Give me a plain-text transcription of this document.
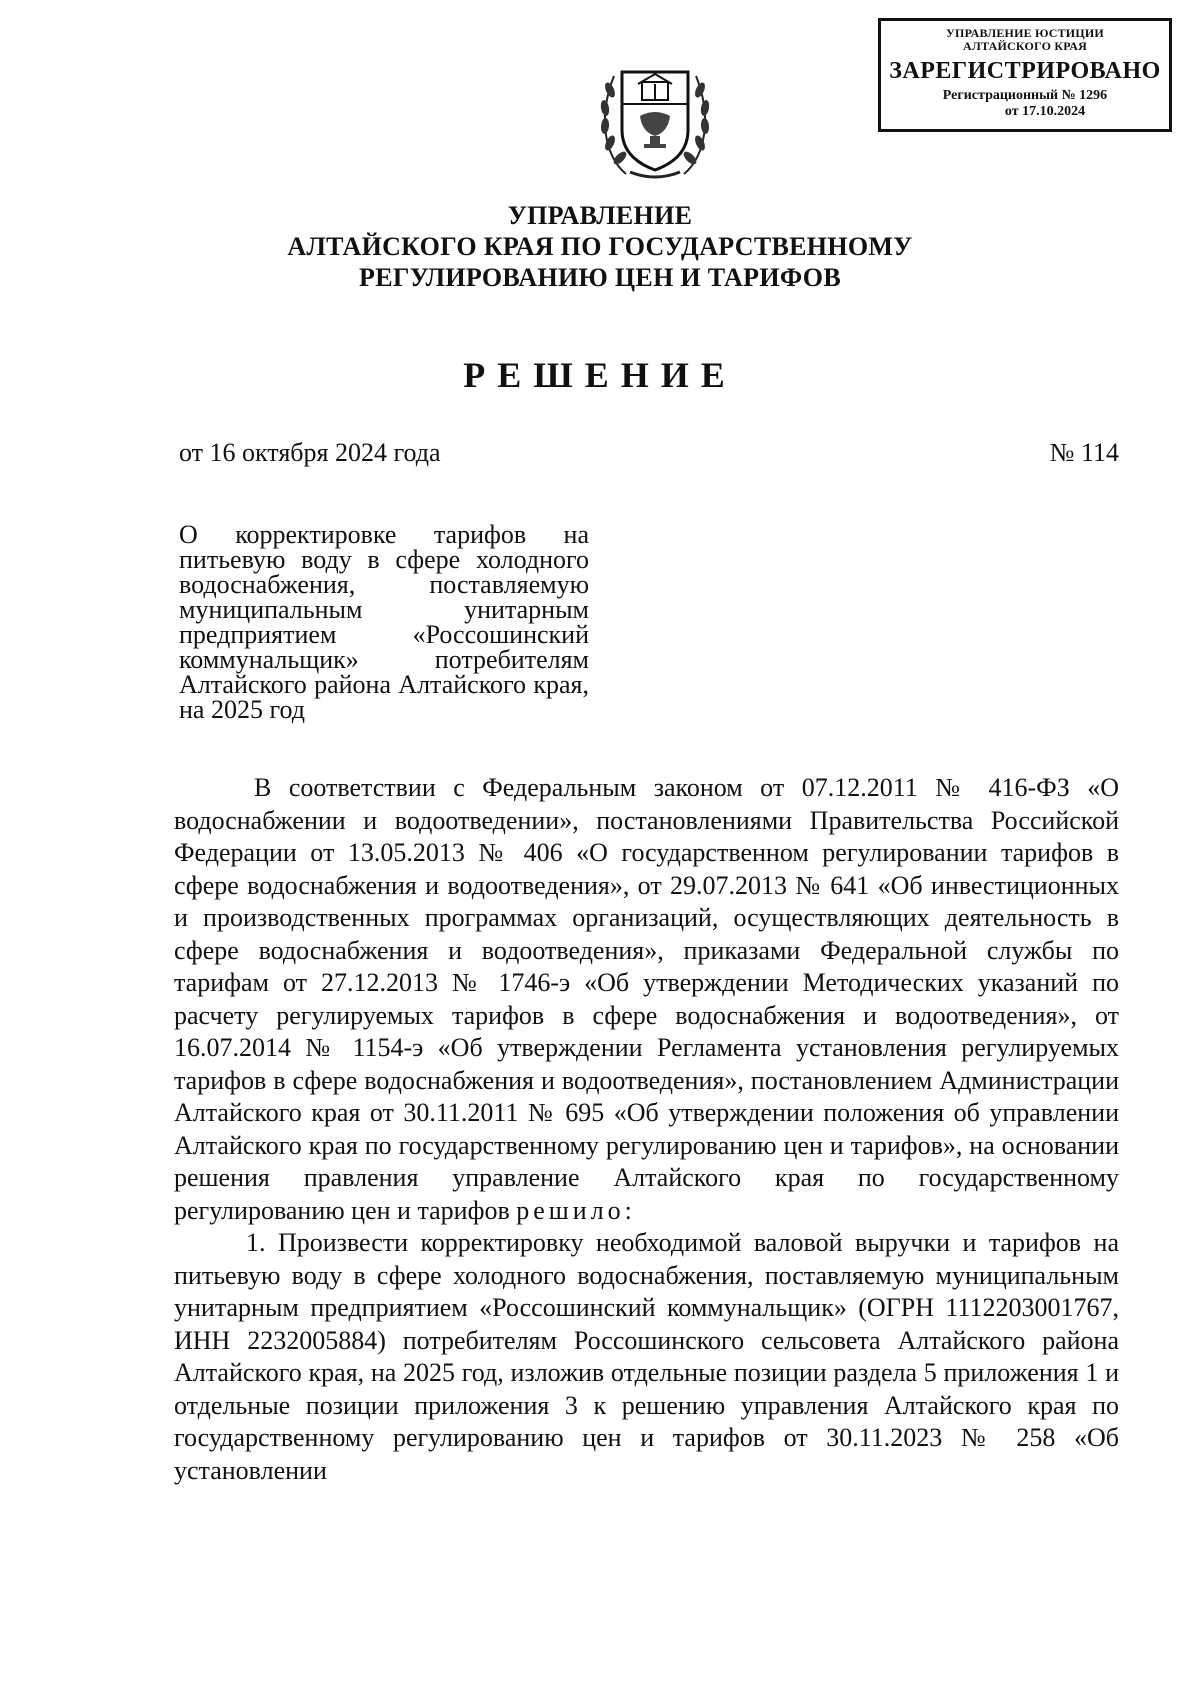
УПРАВЛЕНИЕ ЮСТИЦИИ
АЛТАЙСКОГО КРАЯ
ЗАРЕГИСТРИРОВАНО
Регистрационный № 1296
от 17.10.2024
УПРАВЛЕНИЕ
АЛТАЙСКОГО КРАЯ ПО ГОСУДАРСТВЕННОМУ
РЕГУЛИРОВАНИЮ ЦЕН И ТАРИФОВ
РЕШЕНИЕ
от 16 октября 2024 года	№ 114
О корректировке тарифов на питьевую воду в сфере холодного водоснабжения, поставляемую муниципальным унитарным предприятием «Россошинский коммунальщик» потребителям Алтайского района Алтайского края, на 2025 год

В соответствии с Федеральным законом от 07.12.2011 № 416-ФЗ «О водоснабжении и водоотведении», постановлениями Правительства Российской Федерации от 13.05.2013 № 406 «О государственном регулировании тарифов в сфере водоснабжения и водоотведения», от 29.07.2013 № 641 «Об инвестиционных и производственных программах организаций, осуществляющих деятельность в сфере водоснабжения и водоотведения», приказами Федеральной службы по тарифам от 27.12.2013 № 1746-э «Об утверждении Методических указаний по расчету регулируемых тарифов в сфере водоснабжения и водоотведения», от 16.07.2014 № 1154-э «Об утверждении Регламента установления регулируемых тарифов в сфере водоснабжения и водоотведения», постановлением Администрации Алтайского края от 30.11.2011 № 695 «Об утверждении положения об управлении Алтайского края по государственному регулированию цен и тарифов», на основании решения правления управление Алтайского края по государственному регулированию цен и тарифов решило:

1. Произвести корректировку необходимой валовой выручки и тарифов на питьевую воду в сфере холодного водоснабжения, поставляемую муниципальным унитарным предприятием «Россошинский коммунальщик» (ОГРН 1112203001767, ИНН 2232005884) потребителям Россошинского сельсовета Алтайского района Алтайского края, на 2025 год, изложив отдельные позиции раздела 5 приложения 1 и отдельные позиции приложения 3 к решению управления Алтайского края по государственному регулированию цен и тарифов от 30.11.2023 № 258 «Об установлении
